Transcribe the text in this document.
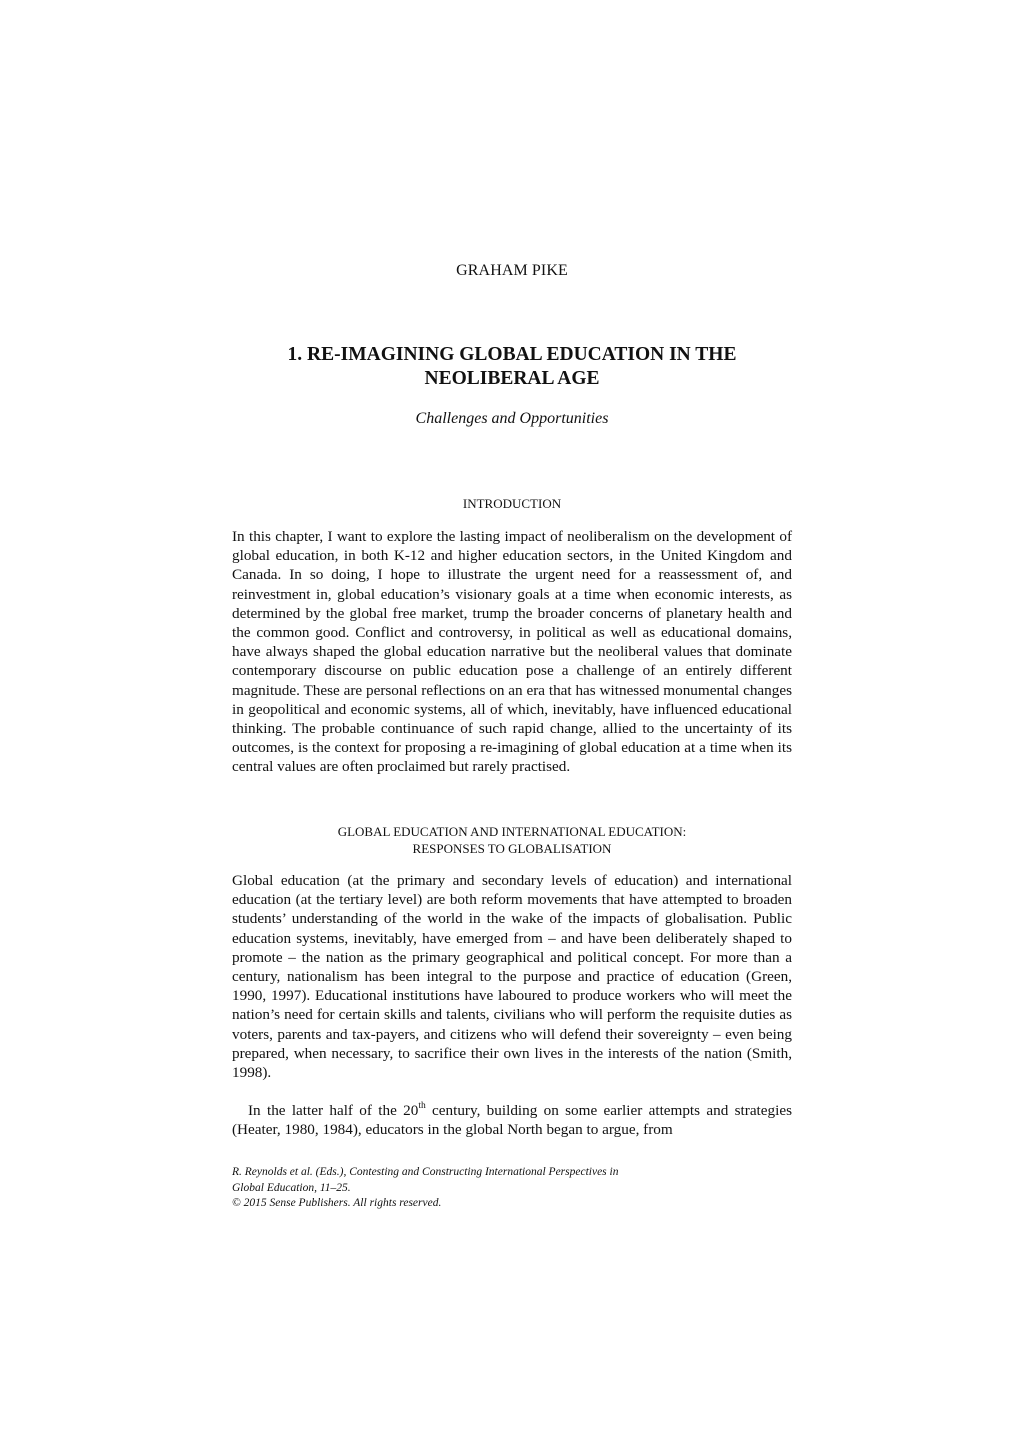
GRAHAM PIKE
1. RE-IMAGINING GLOBAL EDUCATION IN THE
NEOLIBERAL AGE
Challenges and Opportunities
INTRODUCTION

In this chapter, I want to explore the lasting impact of neoliberalism on the development of global education, in both K-12 and higher education sectors, in the United Kingdom and Canada. In so doing, I hope to illustrate the urgent need for a reassessment of, and reinvestment in, global education’s visionary goals at a time when economic interests, as determined by the global free market, trump the broader concerns of planetary health and the common good. Conflict and controversy, in political as well as educational domains, have always shaped the global education narrative but the neoliberal values that dominate contemporary discourse on public education pose a challenge of an entirely different magnitude. These are personal reflections on an era that has witnessed monumental changes in geopolitical and economic systems, all of which, inevitably, have influenced educational thinking. The probable continuance of such rapid change, allied to the uncertainty of its outcomes, is the context for proposing a re-imagining of global education at a time when its central values are often proclaimed but rarely practised.

GLOBAL EDUCATION AND INTERNATIONAL EDUCATION:
RESPONSES TO GLOBALISATION

Global education (at the primary and secondary levels of education) and international education (at the tertiary level) are both reform movements that have attempted to broaden students’ understanding of the world in the wake of the impacts of globalisation. Public education systems, inevitably, have emerged from – and have been deliberately shaped to promote – the nation as the primary geographical and political concept. For more than a century, nationalism has been integral to the purpose and practice of education (Green, 1990, 1997). Educational institutions have laboured to produce workers who will meet the nation’s need for certain skills and talents, civilians who will perform the requisite duties as voters, parents and tax-payers, and citizens who will defend their sovereignty – even being prepared, when necessary, to sacrifice their own lives in the interests of the nation (Smith, 1998).

In the latter half of the 20th century, building on some earlier attempts and strategies (Heater, 1980, 1984), educators in the global North began to argue, from

R. Reynolds et al. (Eds.), Contesting and Constructing International Perspectives in
Global Education, 11–25.
© 2015 Sense Publishers. All rights reserved.
